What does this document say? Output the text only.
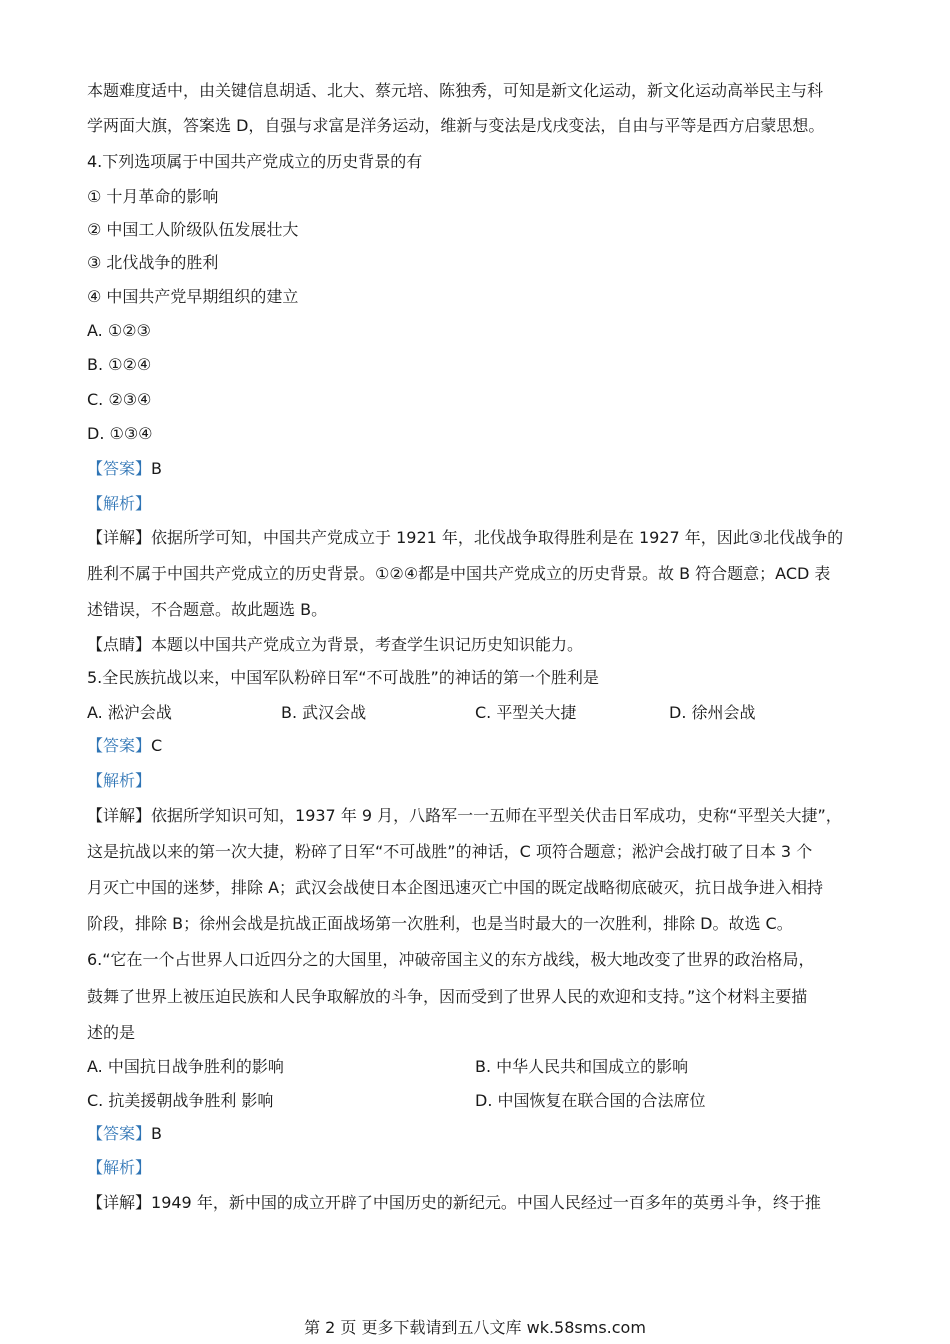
本题难度适中，由关键信息胡适、北大、蔡元培、陈独秀，可知是新文化运动，新文化运动高举民主与科
学两面大旗，答案选 D，自强与求富是洋务运动，维新与变法是戊戌变法，自由与平等是西方启蒙思想。
4.下列选项属于中国共产党成立的历史背景的有
① 十月革命的影响
② 中国工人阶级队伍发展壮大
③ 北伐战争的胜利
④ 中国共产党早期组织的建立
A. ①②③
B. ①②④
C. ②③④
D. ①③④
【答案】B
【解析】
【详解】依据所学可知，中国共产党成立于 1921 年，北伐战争取得胜利是在 1927 年，因此③北伐战争的
胜利不属于中国共产党成立的历史背景。①②④都是中国共产党成立的历史背景。故 B 符合题意；ACD 表
述错误，不合题意。故此题选 B。
【点睛】本题以中国共产党成立为背景，考查学生识记历史知识能力。
5.全民族抗战以来，中国军队粉碎日军“不可战胜”的神话的第一个胜利是
A. 淞沪会战	B. 武汉会战	C. 平型关大捷	D. 徐州会战
【答案】C
【解析】
【详解】依据所学知识可知，1937 年 9 月，八路军一一五师在平型关伏击日军成功，史称“平型关大捷”，
这是抗战以来的第一次大捷，粉碎了日军“不可战胜”的神话，C 项符合题意；淞沪会战打破了日本 3 个
月灭亡中国的迷梦，排除 A；武汉会战使日本企图迅速灭亡中国的既定战略彻底破灭，抗日战争进入相持
阶段，排除 B；徐州会战是抗战正面战场第一次胜利，也是当时最大的一次胜利，排除 D。故选 C。
6.“它在一个占世界人口近四分之的大国里，冲破帝国主义的东方战线，极大地改变了世界的政治格局，
鼓舞了世界上被压迫民族和人民争取解放的斗争，因而受到了世界人民的欢迎和支持。”这个材料主要描
述的是
A. 中国抗日战争胜利的影响	B. 中华人民共和国成立的影响
C. 抗美援朝战争胜利 影响	D. 中国恢复在联合国的合法席位
【答案】B
【解析】
【详解】1949 年，新中国的成立开辟了中国历史的新纪元。中国人民经过一百多年的英勇斗争，终于推
第 2 页 更多下载请到五八文库 wk.58sms.com
